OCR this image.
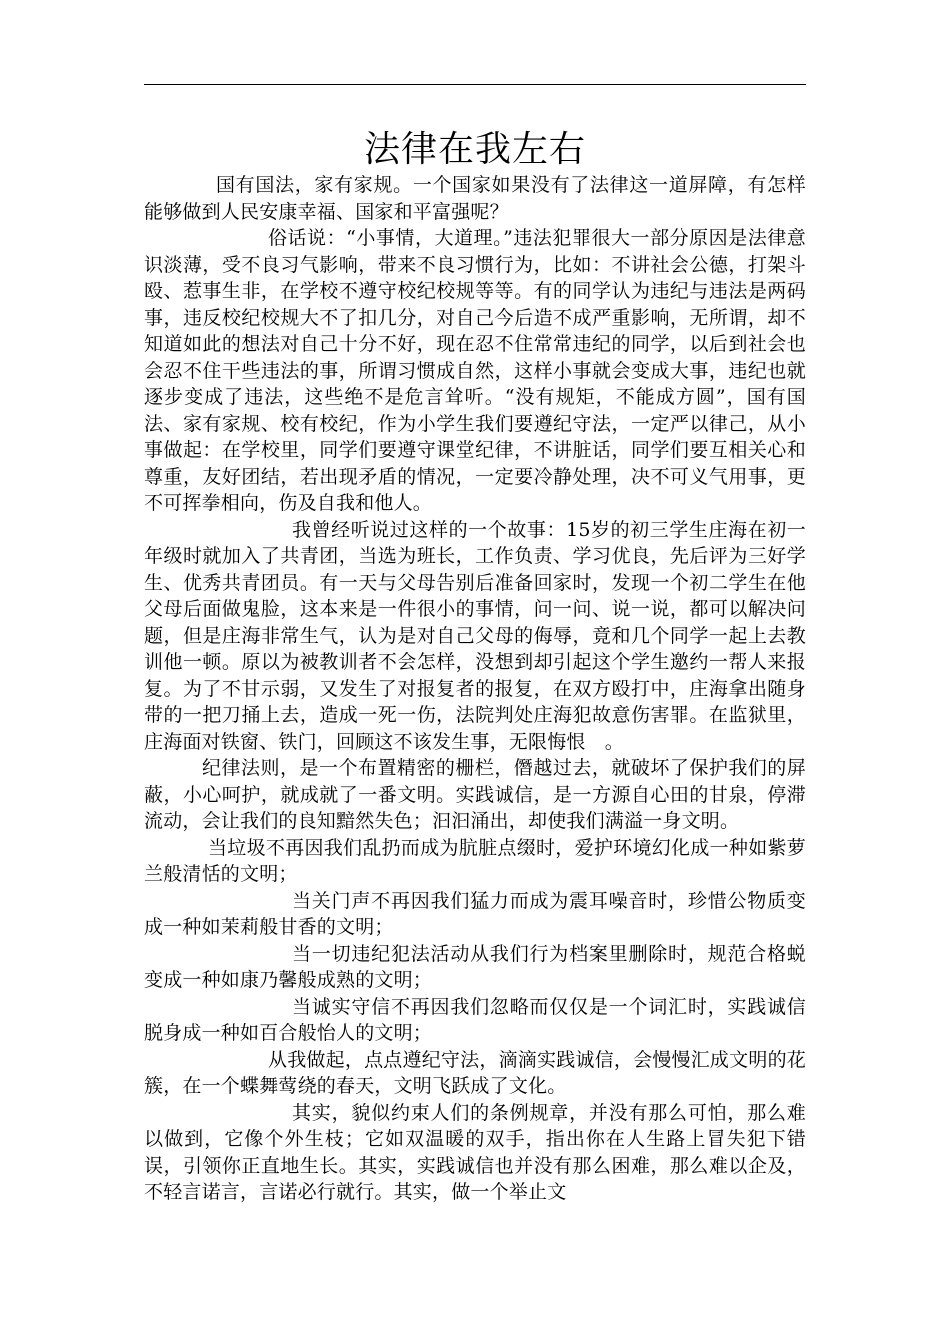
法律在我左右

国有国法，家有家规。一个国家如果没有了法律这一道屏障，有怎样能够做到人民安康幸福、国家和平富强呢？

俗话说：“小事情，大道理。”违法犯罪很大一部分原因是法律意识淡薄，受不良习气影响，带来不良习惯行为，比如：不讲社会公德，打架斗殴、惹事生非，在学校不遵守校纪校规等等。有的同学认为违纪与违法是两码事，违反校纪校规大不了扣几分，对自己今后造不成严重影响，无所谓，却不知道如此的想法对自己十分不好，现在忍不住常常违纪的同学，以后到社会也会忍不住干些违法的事，所谓习惯成自然，这样小事就会变成大事，违纪也就逐步变成了违法，这些绝不是危言耸听。“没有规矩，不能成方圆”，国有国法、家有家规、校有校纪，作为小学生我们要遵纪守法，一定严以律己，从小事做起：在学校里，同学们要遵守课堂纪律，不讲脏话，同学们要互相关心和尊重，友好团结，若出现矛盾的情况，一定要冷静处理，决不可义气用事，更不可挥拳相向，伤及自我和他人。

我曾经听说过这样的一个故事：15岁的初三学生庄海在初一年级时就加入了共青团，当选为班长，工作负责、学习优良，先后评为三好学生、优秀共青团员。有一天与父母告别后准备回家时，发现一个初二学生在他父母后面做鬼脸，这本来是一件很小的事情，问一问、说一说，都可以解决问题，但是庄海非常生气，认为是对自己父母的侮辱，竟和几个同学一起上去教训他一顿。原以为被教训者不会怎样，没想到却引起这个学生邀约一帮人来报复。为了不甘示弱，又发生了对报复者的报复，在双方殴打中，庄海拿出随身带的一把刀捅上去，造成一死一伤，法院判处庄海犯故意伤害罪。在监狱里，庄海面对铁窗、铁门，回顾这不该发生事，无限悔恨　。

纪律法则，是一个布置精密的栅栏，僭越过去，就破坏了保护我们的屏蔽，小心呵护，就成就了一番文明。实践诚信，是一方源自心田的甘泉，停滞流动，会让我们的良知黯然失色；汩汩涌出，却使我们满溢一身文明。

当垃圾不再因我们乱扔而成为肮脏点缀时，爱护环境幻化成一种如紫萝兰般清恬的文明；

当关门声不再因我们猛力而成为震耳噪音时，珍惜公物质变成一种如茉莉般甘香的文明；

当一切违纪犯法活动从我们行为档案里删除时，规范合格蜕变成一种如康乃馨般成熟的文明；

当诚实守信不再因我们忽略而仅仅是一个词汇时，实践诚信脱身成一种如百合般怡人的文明；

从我做起，点点遵纪守法，滴滴实践诚信，会慢慢汇成文明的花簇，在一个蝶舞莺绕的春天，文明飞跃成了文化。

其实，貌似约束人们的条例规章，并没有那么可怕，那么难以做到，它像个外生枝；它如双温暖的双手，指出你在人生路上冒失犯下错误，引领你正直地生长。其实，实践诚信也并没有那么困难，那么难以企及，不轻言诺言，言诺必行就行。其实，做一个举止文
